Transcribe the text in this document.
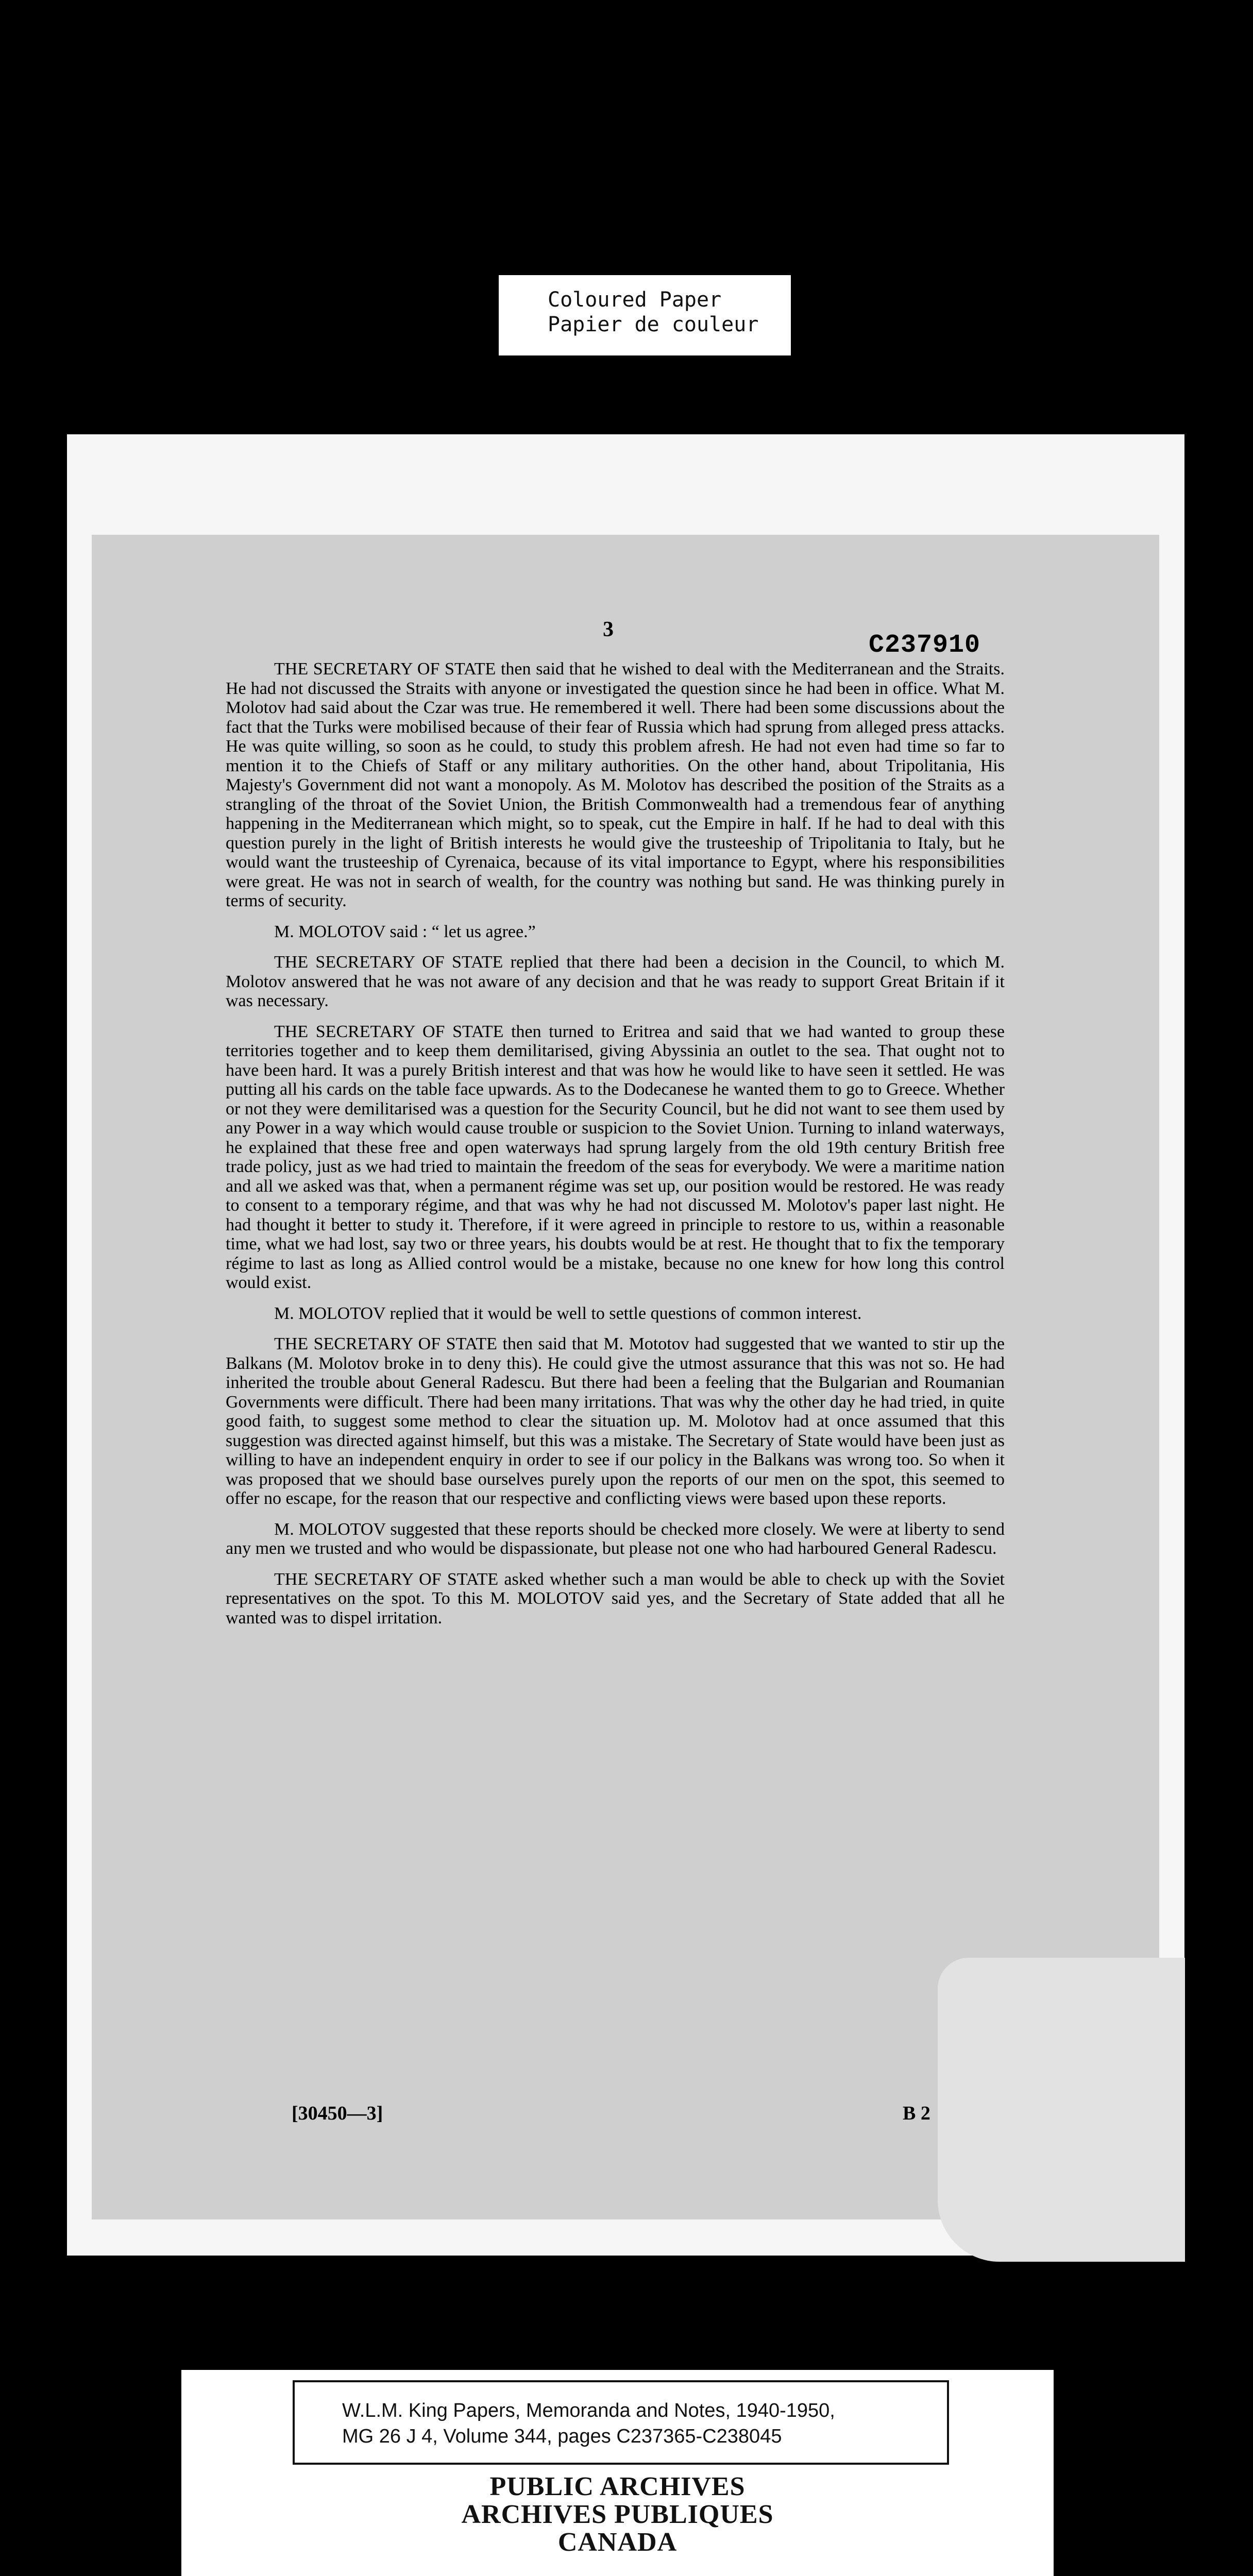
Coloured Paper
Papier de couleur
3
C237910

THE SECRETARY OF STATE then said that he wished to deal with the Mediterranean and the Straits. He had not discussed the Straits with anyone or investigated the question since he had been in office. What M. Molotov had said about the Czar was true. He remembered it well. There had been some discussions about the fact that the Turks were mobilised because of their fear of Russia which had sprung from alleged press attacks. He was quite willing, so soon as he could, to study this problem afresh. He had not even had time so far to mention it to the Chiefs of Staff or any military authorities. On the other hand, about Tripolitania, His Majesty's Government did not want a monopoly. As M. Molotov has described the position of the Straits as a strangling of the throat of the Soviet Union, the British Commonwealth had a tremendous fear of anything happening in the Mediterranean which might, so to speak, cut the Empire in half. If he had to deal with this question purely in the light of British interests he would give the trusteeship of Tripolitania to Italy, but he would want the trusteeship of Cyrenaica, because of its vital importance to Egypt, where his responsibilities were great. He was not in search of wealth, for the country was nothing but sand. He was thinking purely in terms of security.

M. MOLOTOV said : “ let us agree.”

THE SECRETARY OF STATE replied that there had been a decision in the Council, to which M. Molotov answered that he was not aware of any decision and that he was ready to support Great Britain if it was necessary.

THE SECRETARY OF STATE then turned to Eritrea and said that we had wanted to group these territories together and to keep them demilitarised, giving Abyssinia an outlet to the sea. That ought not to have been hard. It was a purely British interest and that was how he would like to have seen it settled. He was putting all his cards on the table face upwards. As to the Dodecanese he wanted them to go to Greece. Whether or not they were demilitarised was a question for the Security Council, but he did not want to see them used by any Power in a way which would cause trouble or suspicion to the Soviet Union. Turning to inland waterways, he explained that these free and open waterways had sprung largely from the old 19th century British free trade policy, just as we had tried to maintain the freedom of the seas for everybody. We were a maritime nation and all we asked was that, when a permanent régime was set up, our position would be restored. He was ready to consent to a temporary régime, and that was why he had not discussed M. Molotov's paper last night. He had thought it better to study it. Therefore, if it were agreed in principle to restore to us, within a reasonable time, what we had lost, say two or three years, his doubts would be at rest. He thought that to fix the temporary régime to last as long as Allied control would be a mistake, because no one knew for how long this control would exist.

M. MOLOTOV replied that it would be well to settle questions of common interest.

THE SECRETARY OF STATE then said that M. Mototov had suggested that we wanted to stir up the Balkans (M. Molotov broke in to deny this). He could give the utmost assurance that this was not so. He had inherited the trouble about General Radescu. But there had been a feeling that the Bulgarian and Roumanian Governments were difficult. There had been many irritations. That was why the other day he had tried, in quite good faith, to suggest some method to clear the situation up. M. Molotov had at once assumed that this suggestion was directed against himself, but this was a mistake. The Secretary of State would have been just as willing to have an independent enquiry in order to see if our policy in the Balkans was wrong too. So when it was proposed that we should base ourselves purely upon the reports of our men on the spot, this seemed to offer no escape, for the reason that our respective and conflicting views were based upon these reports.

M. MOLOTOV suggested that these reports should be checked more closely. We were at liberty to send any men we trusted and who would be dispassionate, but please not one who had harboured General Radescu.

THE SECRETARY OF STATE asked whether such a man would be able to check up with the Soviet representatives on the spot. To this M. MOLOTOV said yes, and the Secretary of State added that all he wanted was to dispel irritation.

[30450—3]	B 2
W.L.M. King Papers, Memoranda and Notes, 1940-1950,
MG 26 J 4, Volume 344, pages C237365-C238045
PUBLIC ARCHIVES
ARCHIVES PUBLIQUES
CANADA
